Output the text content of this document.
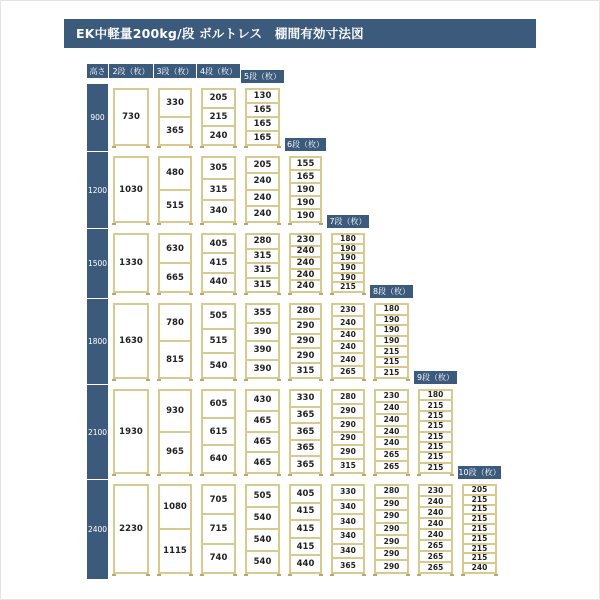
EK中軽量200kg/段 ボルトレス　棚間有効寸法図
高さ
900
1200
1500
1800
2100
2400
2段（枚）
730
1030
1330
1630
1930
2230
3段（枚）
330
365
480
515
630
665
780
815
930
965
1080
1115
4段（枚）
205
215
240
305
315
340
405
415
440
505
515
540
605
615
640
705
715
740
5段（枚）
130
165
165
165
205
240
240
240
280
315
315
315
355
390
390
390
430
465
465
465
505
540
540
540
6段（枚）
155
165
190
190
190
230
240
240
240
240
280
290
290
290
315
330
365
365
365
365
405
415
415
415
440
7段（枚）
180
190
190
190
190
215
230
240
240
240
240
265
280
290
290
290
290
315
330
340
340
340
340
365
8段（枚）
180
190
190
190
215
215
215
230
240
240
240
240
265
265
280
290
290
290
290
290
290
9段（枚）
180
215
215
215
215
215
215
215
230
240
240
240
240
265
265
265
10段（枚）
205
215
215
215
215
215
215
215
240
